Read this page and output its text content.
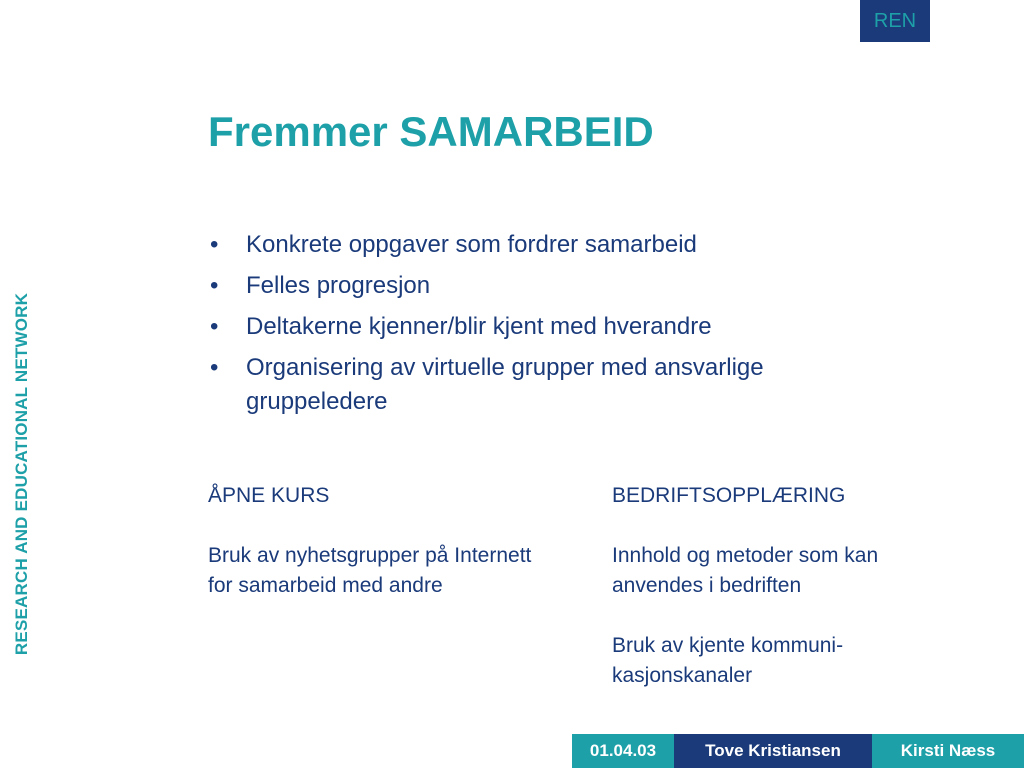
REN
RESEARCH AND EDUCATIONAL NETWORK
Fremmer SAMARBEID
• Konkrete oppgaver som fordrer samarbeid
• Felles progresjon
• Deltakerne kjenner/blir kjent med hverandre
• Organisering av virtuelle grupper med ansvarlige gruppeledere
ÅPNE KURS

Bruk av nyhetsgrupper på Internett for samarbeid med andre

BEDRIFTSOPPLÆRING

Innhold og metoder som kan anvendes i bedriften

Bruk av kjente kommuni-kasjonskanaler

01.04.03	Tove Kristiansen	Kirsti Næss
